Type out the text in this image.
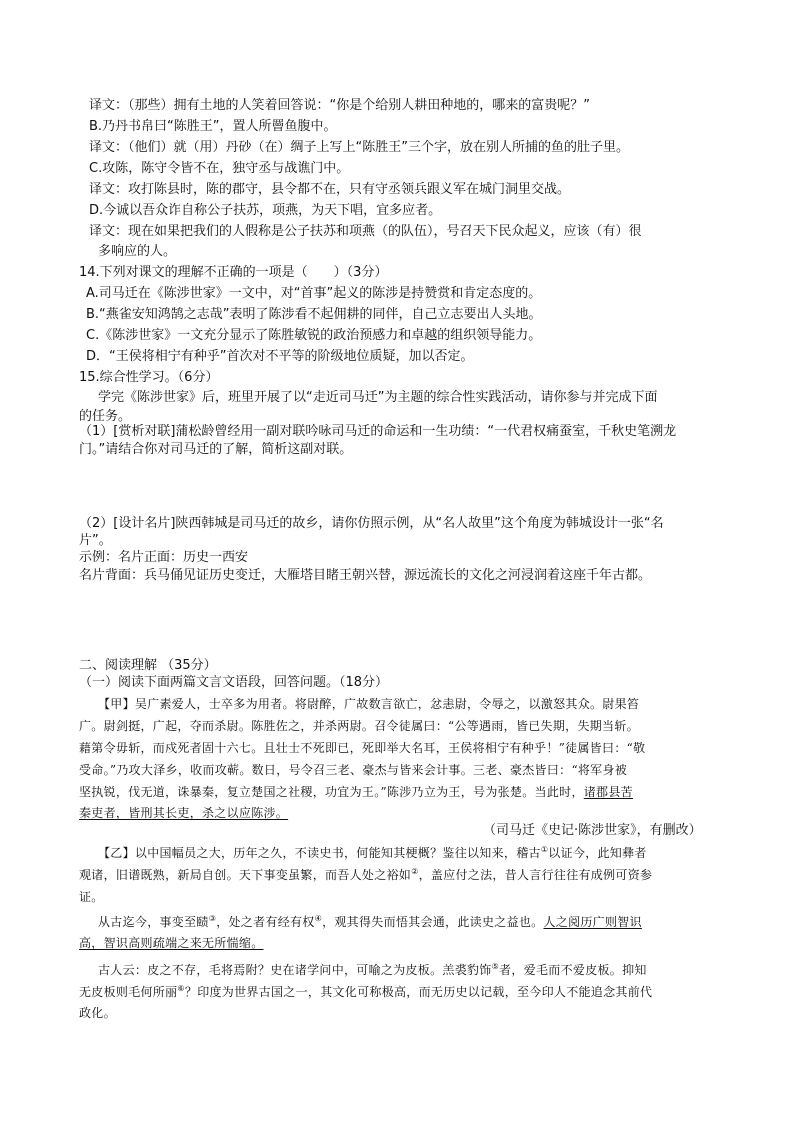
译文：（那些）拥有土地的人笑着回答说：“你是个给别人耕田种地的，哪来的富贵呢？”
B.乃丹书帛曰“陈胜王”，置人所罾鱼腹中。
译文：（他们）就（用）丹砂（在）绸子上写上“陈胜王”三个字，放在别人所捕的鱼的肚子里。
C.攻陈，陈守令皆不在，独守丞与战谯门中。
译文：攻打陈县时，陈的郡守，县令都不在，只有守丞领兵跟义军在城门洞里交战。
D.今诚以吾众诈自称公子扶苏，项燕，为天下唱，宜多应者。
译文：现在如果把我们的人假称是公子扶苏和项燕（的队伍），号召天下民众起义，应该（有）很
多响应的人。
14.下列对课文的理解不正确的一项是（　　）（3分）
A.司马迁在《陈涉世家》一文中，对“首事”起义的陈涉是持赞赏和肯定态度的。
B.“燕雀安知鸿鹄之志哉”表明了陈涉看不起佣耕的同伴，自己立志要出人头地。
C.《陈涉世家》一文充分显示了陈胜敏锐的政治预感力和卓越的组织领导能力。
D．“王侯将相宁有种乎”首次对不平等的阶级地位质疑，加以否定。
15.综合性学习。（6分）
学完《陈涉世家》后，班里开展了以“走近司马迁”为主题的综合性实践活动，请你参与并完成下面
的任务。
（1）[赏析对联]蒲松龄曾经用一副对联吟咏司马迁的命运和一生功绩：“一代君权痛蚕室，千秋史笔溯龙
门。”请结合你对司马迁的了解，简析这副对联。
（2）[设计名片]陕西韩城是司马迁的故乡，请你仿照示例，从“名人故里”这个角度为韩城设计一张“名
片”。
示例：名片正面：历史一西安
名片背面：兵马俑见证历史变迁，大雁塔目睹王朝兴替，源远流长的文化之河浸润着这座千年古都。
二、阅读理解 （35分）
（一）阅读下面两篇文言文语段，回答问题。（18分）
【甲】吴广素爱人，士卒多为用者。将尉醉，广故数言欲亡，忿恚尉，令辱之，以激怒其众。尉果笞
广。尉剑挺，广起，夺而杀尉。陈胜佐之，并杀两尉。召令徒属曰：“公等遇雨，皆已失期，失期当斩。
藉第令毋斩，而戍死者固十六七。且壮士不死即已，死即举大名耳，王侯将相宁有种乎！”徒属皆曰：“敬
受命。”乃攻大泽乡，收而攻蕲。数日，号令召三老、豪杰与皆来会计事。三老、豪杰皆曰：“将军身被
坚执锐，伐无道，诛暴秦，复立楚国之社稷，功宜为王。”陈涉乃立为王，号为张楚。当此时，诸郡县苦
秦吏者，皆刑其长吏，杀之以应陈涉。
（司马迁《史记·陈涉世家》，有删改）
【乙】以中国幅员之大，历年之久，不读史书，何能知其梗概？鉴往以知来，稽古①以证今，此知彝者
观诸，旧谱既熟，新局自创。天下事变虽繁，而吾人处之裕如②，盖应付之法，昔人言行往往有成例可资参
证。
从古迄今，事变至赜③，处之者有经有权④，观其得失而悟其会通，此读史之益也。人之阅历广则智识
高，智识高则疏端之来无所惴缩。
古人云：皮之不存，毛将焉附？史在诸学问中，可喻之为皮板。羔裘豹饰⑤者，爱毛而不爱皮板。抑知
无皮板则毛何所丽⑥？印度为世界古国之一，其文化可称极高，而无历史以记载，至今印人不能追念其前代
政化。
